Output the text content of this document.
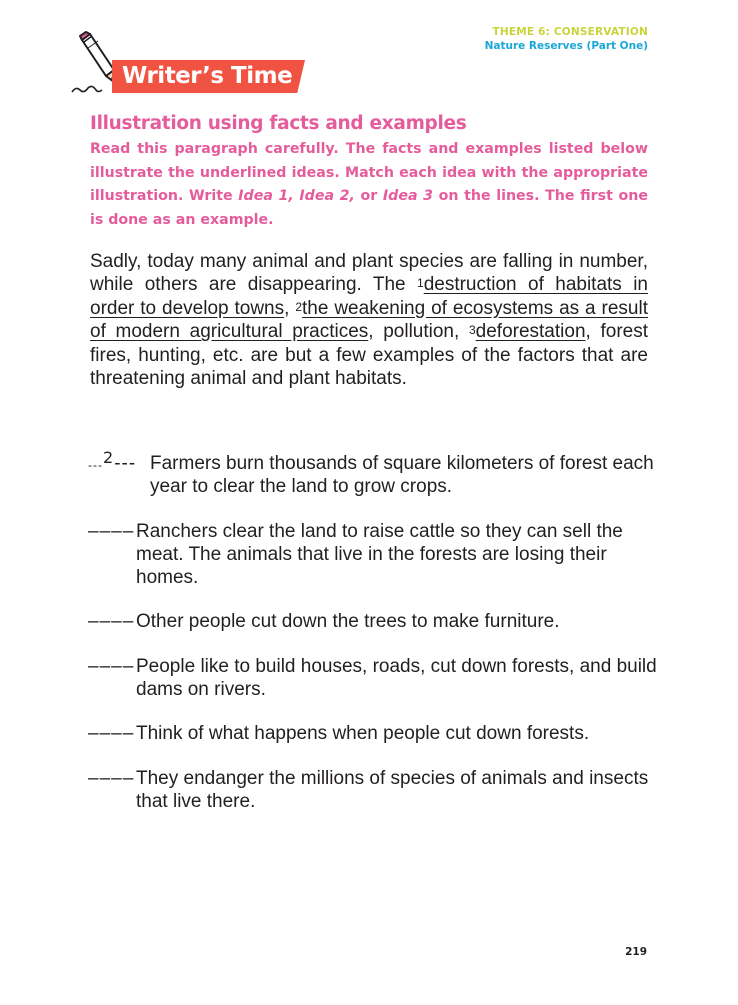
THEME 6: CONSERVATION
Nature Reserves (Part One)
Writer’s Time
Illustration using facts and examples
Read this paragraph carefully. The facts and examples listed below illustrate the underlined ideas. Match each idea with the appropriate illustration. Write Idea 1, Idea 2, or Idea 3 on the lines. The first one is done as an example.
Sadly, today many animal and plant species are falling in number, while others are disappearing. The $^1$destruction of habitats in order to develop towns, $^2$the weakening of ecosystems as a result of modern agricultural practices, pollution, $^3$deforestation, forest fires, hunting, etc. are but a few examples of the factors that are threatening animal and plant habitats.
---$^2$--- Farmers burn thousands of square kilometers of forest each year to clear the land to grow crops.
–––– Ranchers clear the land to raise cattle so they can sell the meat. The animals that live in the forests are losing their homes.
–––– Other people cut down the trees to make furniture.
–––– People like to build houses, roads, cut down forests, and build dams on rivers.
–––– Think of what happens when people cut down forests.
–––– They endanger the millions of species of animals and insects that live there.
219
